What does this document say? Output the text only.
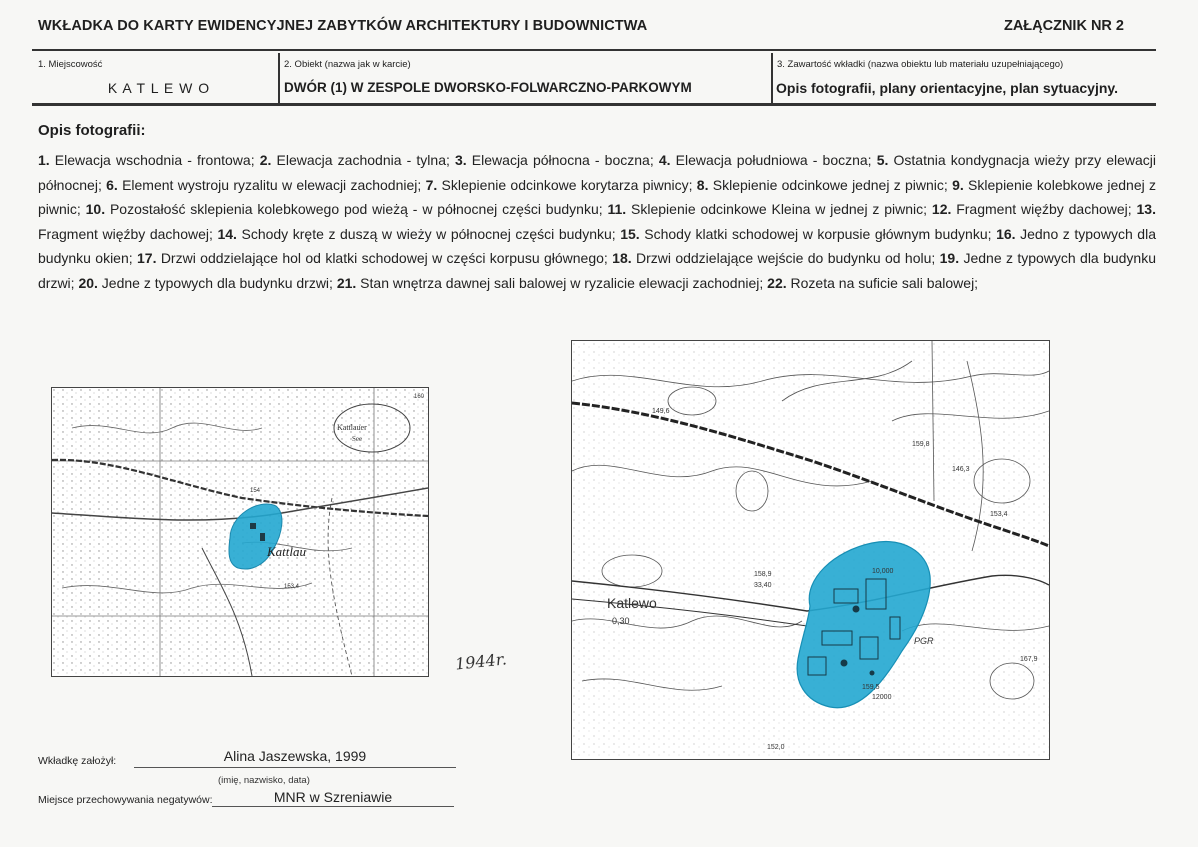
WKŁADKA DO KARTY EWIDENCYJNEJ ZABYTKÓW ARCHITEKTURY I BUDOWNICTWA	ZAŁĄCZNIK NR 2
1. Miejscowość
K A T L E W O
2. Obiekt (nazwa jak w karcie)
DWÓR (1) W ZESPOLE DWORSKO-FOLWARCZNO-PARKOWYM
3. Zawartość wkładki (nazwa obiektu lub materiału uzupełniającego)
Opis fotografii, plany orientacyjne, plan sytuacyjny.
Opis fotografii:
1. Elewacja wschodnia - frontowa; 2. Elewacja zachodnia - tylna; 3. Elewacja północna - boczna; 4. Elewacja południowa - boczna; 5. Ostatnia kondygnacja wieży przy elewacji północnej; 6. Element wystroju ryzalitu w elewacji zachodniej; 7. Sklepienie odcinkowe korytarza piwnicy; 8. Sklepienie odcinkowe jednej z piwnic; 9. Sklepienie kolebkowe jednej z piwnic; 10. Pozostałość sklepienia kolebkowego pod wieżą - w północnej części budynku; 11. Sklepienie odcinkowe Kleina w jednej z piwnic; 12. Fragment więźby dachowej; 13. Fragment więźby dachowej; 14. Schody kręte z duszą w wieży w północnej części budynku; 15. Schody klatki schodowej w korpusie głównym budynku; 16. Jedno z typowych dla budynku okien; 17. Drzwi oddzielające hol od klatki schodowej w części korpusu głównego; 18. Drzwi oddzielające wejście do budynku od holu; 19. Jedne z typowych dla budynku drzwi; 20. Jedne z typowych dla budynku drzwi; 21. Stan wnętrza dawnej sali balowej w ryzalicie elewacji zachodniej; 22. Rozeta na suficie sali balowej;
Kattlauer
See
Kattlau
154
153,4
160
1944r.
Katlewo
0,30
PGR
158,9
33,40
159,5
146,3
153,4
149,6
159,8
167,9
12000
10,000
152,0
Wkładkę założył:	Alina Jaszewska, 1999
(imię, nazwisko, data)
Miejsce przechowywania negatywów:	MNR w Szreniawie
